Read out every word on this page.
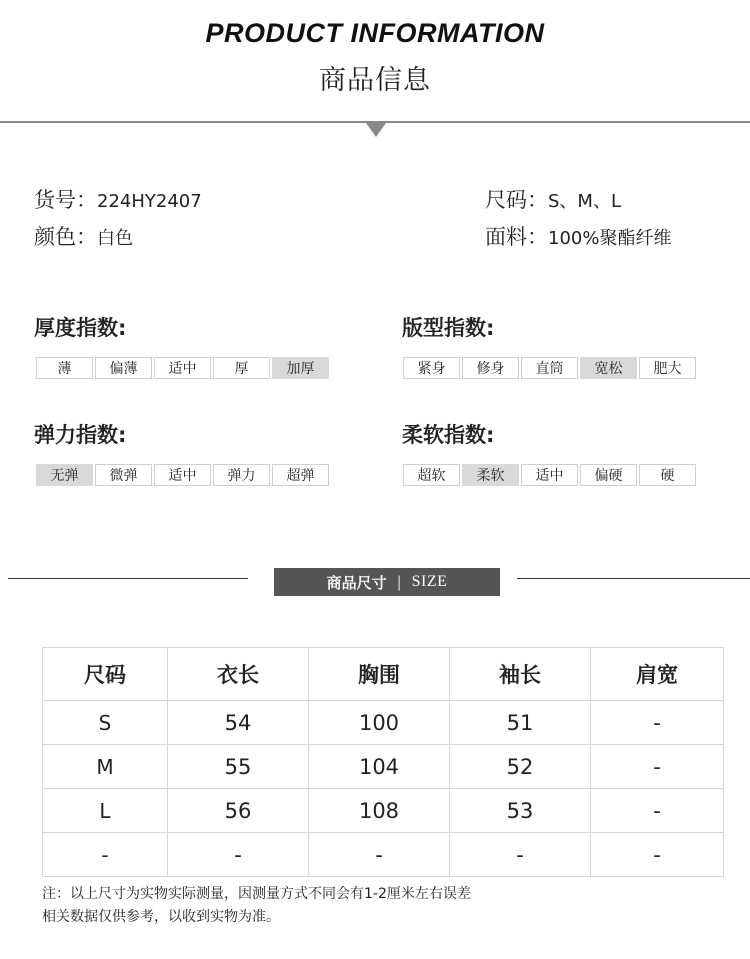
PRODUCT INFORMATION
商品信息
货号：224HY2407
颜色：白色
尺码：S、M、L
面料：100%聚酯纤维
厚度指数:
薄	偏薄	适中	厚	加厚
版型指数:
紧身	修身	直筒	宽松	肥大
弹力指数:
无弹	微弹	适中	弹力	超弹
柔软指数:
超软	柔软	适中	偏硬	硬
商品尺寸 | SIZE
尺码	衣长	胸围	袖长	肩宽
S	54	100	51	-
M	55	104	52	-
L	56	108	53	-
-	-	-	-	-
注：以上尺寸为实物实际测量，因测量方式不同会有1-2厘米左右误差
相关数据仅供参考，以收到实物为准。
